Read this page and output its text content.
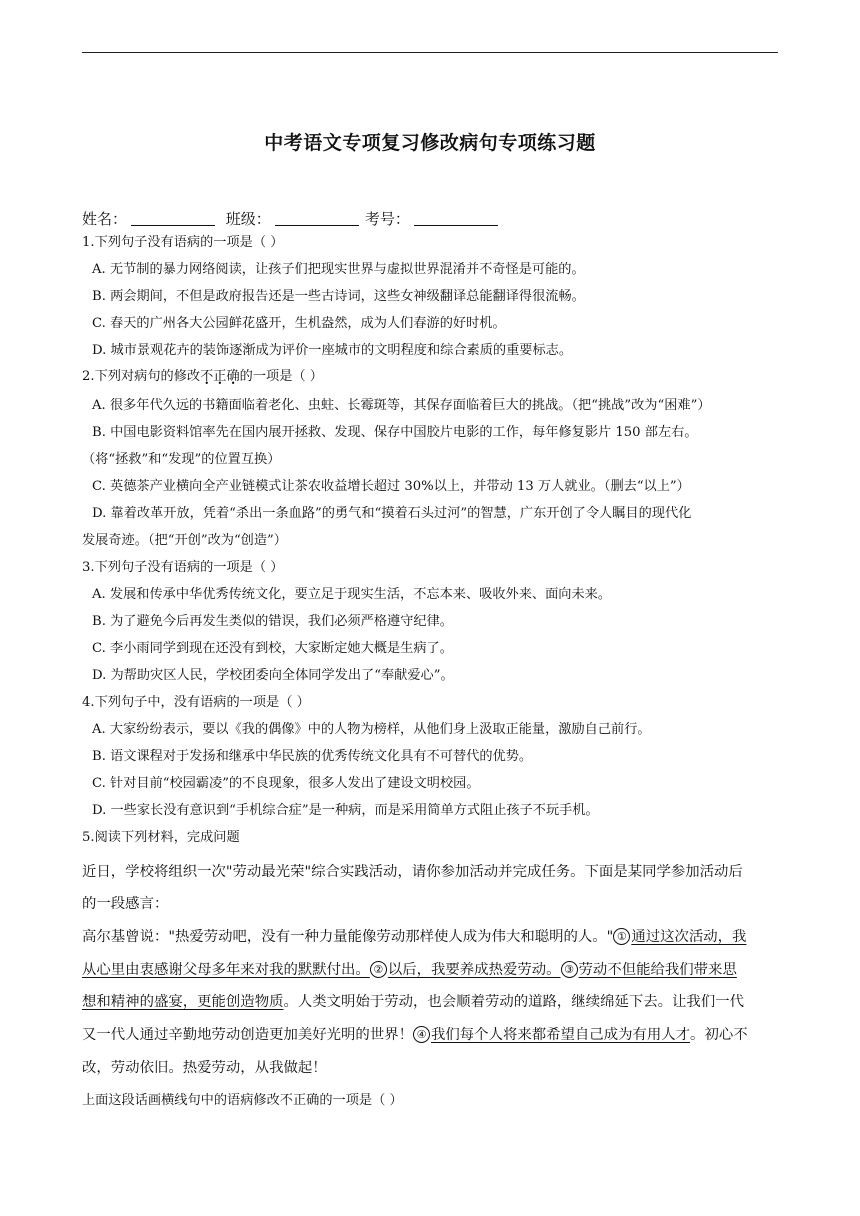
中考语文专项复习修改病句专项练习题
姓名：	班级：	考号：
1.下列句子没有语病的一项是（ ）
A. 无节制的暴力网络阅读，让孩子们把现实世界与虚拟世界混淆并不奇怪是可能的。
B. 两会期间，不但是政府报告还是一些古诗词，这些女神级翻译总能翻译得很流畅。
C. 春天的广州各大公园鲜花盛开，生机盎然，成为人们春游的好时机。
D. 城市景观花卉的装饰逐渐成为评价一座城市的文明程度和综合素质的重要标志。
2.下列对病句的修改不正确的一项是（ ）
A. 很多年代久远的书籍面临着老化、虫蛀、长霉斑等，其保存面临着巨大的挑战。（把“挑战”改为“困难”）
B. 中国电影资料馆率先在国内展开拯救、发现、保存中国胶片电影的工作，每年修复影片 150 部左右。
（将“拯救”和“发现”的位置互换）
C. 英德茶产业横向全产业链模式让茶农收益增长超过 30%以上，并带动 13 万人就业。（删去“以上”）
D. 靠着改革开放，凭着“杀出一条血路”的勇气和“摸着石头过河”的智慧，广东开创了令人瞩目的现代化
发展奇迹。（把“开创”改为“创造”）
3.下列句子没有语病的一项是（ ）
A. 发展和传承中华优秀传统文化，要立足于现实生活，不忘本来、吸收外来、面向未来。
B. 为了避免今后再发生类似的错误，我们必须严格遵守纪律。
C. 李小雨同学到现在还没有到校，大家断定她大概是生病了。
D. 为帮助灾区人民，学校团委向全体同学发出了“奉献爱心”。
4.下列句子中，没有语病的一项是（ ）
A. 大家纷纷表示，要以《我的偶像》中的人物为榜样，从他们身上汲取正能量，激励自己前行。
B. 语文课程对于发扬和继承中华民族的优秀传统文化具有不可替代的优势。
C. 针对目前“校园霸凌”的不良现象，很多人发出了建设文明校园。
D. 一些家长没有意识到“手机综合症”是一种病，而是采用简单方式阻止孩子不玩手机。
5.阅读下列材料，完成问题
近日，学校将组织一次"劳动最光荣"综合实践活动，请你参加活动并完成任务。下面是某同学参加活动后
的一段感言：
高尔基曾说："热爱劳动吧，没有一种力量能像劳动那样使人成为伟大和聪明的人。" ① 通过这次活动，我
从心里由衷感谢父母多年来对我的默默付出。 ② 以后，我要养成热爱劳动。 ③ 劳动不但能给我们带来思
想和精神的盛宴，更能创造物质。人类文明始于劳动，也会顺着劳动的道路，继续绵延下去。让我们一代
又一代人通过辛勤地劳动创造更加美好光明的世界！ ④ 我们每个人将来都希望自己成为有用人才。初心不
改，劳动依旧。热爱劳动，从我做起！
上面这段话画横线句中的语病修改不正确的一项是（ ）
